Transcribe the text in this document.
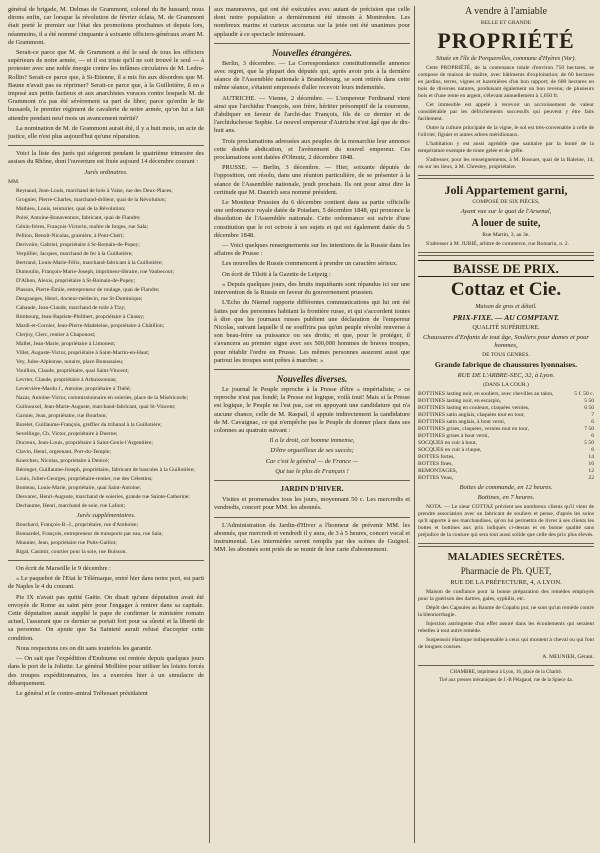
général de brigade, M. Delmas de Grammont, colonel du 8e hussard; nous dirons enfin, car lorsque la révolution de février éclata, M. de Grammont était porté le premier sur l'état des promotions prochaines et depuis lors, néanmoins, il a été nommé cinquante à soixante officiers-généraux avant M. de Grammont.

Serait-ce parce que M. de Grammont a été le seul de tous les officiers supérieurs de notre armée, — et il est triste qu'il ne soit trouvé le seul — à protester avec une noble énergie contre les infâmes circulaires de M. Ledru-Rollin? Serait-ce parce que, à St-Etienne, il a mis fin aux désordres que M. Baune n'avait pas su réprimer? Serait-ce parce que, à la Guillotière, il en a imposé aux petits factieux et aux anarchistes voraces contre lesquels M. de Grammont n'a pas été sévèrement sa part de libre; parce qu'enfin le 8e hussards, le premier régiment de cavalerie de notre armée, qu'on lui a fait attendre pendant neuf mois un avancement mérité?

La nomination de M. de Grammont aurait été, il y a huit mois, un acte de justice, elle n'est plus aujourd'hui qu'une réparation.

Voici la liste des jurés qui siégeront pendant le quatrième trimestre des assises du Rhône, dont l'ouverture est fixée aujourd 14 décembre courant :

Jurés ordinaires.

MM.

Reynaud, Jean-Louis, marchand de bois à Vaise, rue des Deux-Places;

Grognier, Pierre-Charles, marchand-drôleur, quai de la Révolution;

Mathieu, Louis, teinturier, quai de la Révolution;

Poiré, Antoine-Bonaventure, fabricant, quai de Flandre;

Génin-frères, François-Victorin, maître de forges, rue Sala;

Pellion, Benoît-Nicolas, gramière, à Pont-Chéri;

Derivoire, Gabriel, propriétaire à St-Romain-de-Popey;

Verpillier, Jacques, marchand de fer à la Guillotière;

Bertrand, Louis-Marie-Félix, marchand-fabricant à la Guillotière;

Dumoulin, François-Marie-Joseph, imprimeur-libraire, rue Vaubecour;

D'Albon, Alexis, propriétaire à St-Romain-de-Popey;

Plasson, Pierre-Émile, entrepreneur de roulage, quai de Flandre;

Desgranges, Henri, docteur-médecin, rue St-Dominique;

Cabaude, Jean-Claude, marchand de toile à Tizy;

Rimbourg, Jean-Baptiste-Philibert, propriétaire à Chassy;

Mardi-et-Cornier, Jean-Pierre-Madeleine, propriétaire à Châtillon;

Clerjoy, Clerc, rentier à Chaponost;

Mallet, Jean-Marie, propriétaire à Limonest;

Villet, Auguste-Victor, propriétaire à Saint-Martin-en-Haut;

Vey, Jules-Alphonse, notaire, place Bonnassieu;

Vouillon, Claude, propriétaire, quai Saint-Vincent;

Levrier, Claude, propriétaire à Arbuissonnas;

Levervière-Mardu J., Antoine, propriétaire à Thélé;

Nazar, Antoine-Victor, commissionnaire en soieries, place de la Miséricorde;

Guilnouxel, Jean-Marie-Auguste, marchand-fabricant, quai St-Vincent;

Garnier, Jean, propriétaire, rue Bourbon;

Burelet, Guillaume-François, greffier du tribunal à la Guillotière;

Sevellinge, Ch. Victor, propriétaire à Duerne;

Ducreux, Jean-Louis, propriétaire à Saint-Genis-l'Argentière;

Clavin, Henri, orgeenant, Port-du-Temple;

Knerchen, Nicolas, propriétaire à Denicé;

Bérenger, Guillaume-Joseph, propriétaire, fabricant de bascules à la Guillotière;

Louis, Julien-Georges, propriétaire-rentier, rue des Célestins;

Bonteau, Louis-Marie, propriétaire, quai Saint-Antoine;

Desvarec, Henri-Auguste, marchand de soieries, grande rue Sainte-Catherine;

Dechaume, Henri, marchand de soie, rue Lafont;

Jurés supplémentaires.

Bouchard, François-B.-J., propriétaire, rue d'Amboise;

Bonnardel, François, entrepreneur de transports par eau, rue Sala;

Munnier, Jean, propriétaire rue Puits-Gaillot;

Rigal, Casimir, courtier pour la soie, rue Buisson.

On écrit de Marseille le 9 décembre :

« Le paquebot de l'Etat le Télémaque, entré hier dans notre port, est parti de Naples le 4 du courant.

Pie IX n'avait pas quitté Gaëte. On disait qu'une députation avait été envoyée de Rome au saint père pour l'engager à rentrer dans sa capitale. Cette députation aurait supplié le pape de confirmer le ministère romain actuel, l'assurant que ce dernier se portait fort pour sa sûreté et la liberté de sa personne. On ajoute que Sa Sainteté aurait refusé d'accepter cette condition.

Nous respectons ces on dit sans toutefois les garantir.

— On sait que l'expédition d'Endoume est rentrée depuis quelques jours dans le port de la Joliette. Le général Mollière pour utiliser les loisirs forcés des troupes expéditionnaires, les a exercées hier à un simulacre de débarquement.

Le général et le contre-amiral Tréhouart présidaient

aux manœuvres, qui ont été exécutées avec autant de précision que celle dont notre population a dernièrement été témoin à Montredon. Les nombreux marins et curieux accourus sur la jetée ont été unanimes pour applaudir à ce spectacle intéressant.

Nouvelles étrangères.

Berlin, 3 décembre. — La Correspondance constitutionnelle annonce avec regret, que la plupart des députés qui, après avoir pris à la dernière séance de l'Assemblée nationale à Brandebourg, se sont retirés dans cette même séance, s'étaient empressés d'aller recevoir leurs indemnités.

AUTRICHE. — Vienne, 2 décembre. — L'empereur Ferdinand vient ainsi que l'archiduc François, son frère, héritier présomptif de la couronne, d'abdiquer en faveur de l'archi-duc François, fils de ce dernier et de l'archiduchesse Sophie. Le nouvel empereur d'Autriche n'est âgé que de dix-huit ans.

Trois proclamations adressées aux peuples de la monarchie leur annonce cette double abdication, et l'avènement du nouvel empereur. Ces proclamations sont datées d'Olmutz, 2 décembre 1848.

PRUSSE. — Berlin, 3 décembre. — Hier, soixante députés de l'opposition, ont résolu, dans une réunion particulière, de se présenter à la séance de l'Assemblée nationale, jeudi prochain. Ils ont pour ainsi dire la certitude que M. Daurich sera nommé président.

Le Moniteur Prussien du 6 décembre contient dans sa partie officielle une ordonnance royale datée de Potsdam, 5 décembre 1848, qui prononce la dissolution de l'Assemblée nationale. Cette ordonnance est suivie d'une constitution que le roi octroie à ses sujets et qui est également datée du 5 décembre 1848.

— Voici quelques renseignements sur les intentions de la Russie dans les affaires de Prusse :

Les nouvelles de Russie commencent à prendre un caractère sérieux.

On écrit de Tilsitt à la Gazette de Leipzig :

« Depuis quelques jours, des bruits inquiétants sont répandus ici sur une intervention de la Russie en faveur du gouvernement prussien.

L'Echo du Niemel rapporte différentes communications qui lui ont été faites par des personnes habitant la frontière russe, et qui s'accordent toutes à dire que les journaux russes publient une déclaration de l'empereur Nicolas, suivant laquelle il ne souffrira pas qu'un peuple révolté renverse à son beau-frère sa puissance ou ses droits; et que, pour le protéger, il s'avancera au premier signe avec ses 500,000 hommes de braves troupes, pour rétablir l'ordre en Prusse. Les mêmes personnes assurent aussi que partout les troupes sont prêtes à marcher. »

Nouvelles diverses.

Le journal le Peuple reproche à la Presse d'être « impérialiste; » ce reproche n'est pas fondé; la Presse est logique, voilà tout! Mais si la Presse est logique, le Peuple ne l'est pas, car en appuyant une candidature qui n'a aucune chance, celle de M. Raspail, il appuie indirectement la candidature de M. Cavaignac, ce qui n'empêche pas le Peuple de donner place dans ses colonnes au quatrain suivant :

Il a le droit, cet homme immense,

D'être orgueilleux de ses succès;

Car c'est le général — de France —

Qui tue le plus de Français !

JARDIN D'HIVER.

Visites et promenades tous les jours, moyennant 50 c. Les mercredis et vendredis, concert pour MM. les abonnés.

L'Administration du Jardin-d'Hiver a l'honneur de prévenir MM. les abonnés, que mercredi et vendredi il y aura, de 3 à 5 heures, concert vocal et instrumental. Les intermèdes seront remplis par des scènes de Guignol. MM. les abonnés sont priés de se munir de leur carte d'abonnement.

A vendre à l'amiable

BELLE ET GRANDE

PROPRIÉTÉ

Située en l'île de Porquerolles, commune d'Hyères (Var).

Cette PROPRIÉTÉ, de la contenance totale d'environ 750 hectares, se compose de maison de maître, avec bâtiments d'exploitation; de 60 hectares en jardins, terres, vignes et luzernières d'un bon rapport; de 600 hectares en bois de diverses natures, produisant également un bon revenu; de plusieurs bois et d'une rente en argent, s'élevant annuellement à 1,050 fr.

Cet immeuble est appelé à recevoir un accroissement de valeur considérable par les défrichements successifs qui peuvent y être faits facilement.

Outre la culture principale de la vigne, le sol est très-convenable à celle de l'olivier, figuier et autres arbres méridionaux.

L'habitation y est aussi agréable que sanitaire par la bonté de la température exempte de toute gelée et de grêle.

S'adresser, pour les renseignements, à M. Bossuet, quai de la Baleine, 14; ou sur les lieux, à M. Chrestey, propriétaire.

Joli Appartement garni,

COMPOSÉ DE SIX PIÈCES,

Ayant vue sur le quai de l'Arsenal,

A louer de suite,

Rue Martin, 3, au 3e.

S'adresser à M. JUBIÉ, arbitre de commerce, rue Romarin, n. 2.

BAISSE DE PRIX.

Cottaz et Cie.

Maison de gros et détail.

PRIX-FIXE. — AU COMPTANT.

QUALITÉ SUPÉRIEURE.

Chaussures d'Enfants de tout âge, Souliers pour dames et pour hommes,

DE TOUS GENRES.

Grande fabrique de chaussures lyonnaises.

RUE DE L'ARBRE-SEC, 32, à Lyon.

(DANS LA COUR.)

BOTTINES lasting noir, en souliers, avec chevilles au talon,	5 f. 50 c.
BOTTINES lasting noir, en escarpin,	5 50
BOTTINES lasting en couleurs, claquées vernies,	6 50
BOTTINES satin anglais, claquées tout en tour,	7
BOTTINES satin anglais, à bout verni,	6
BOTTINES grises, claquées, vernies tout en tour,	7 50
BOTTINES grises à bout verni,	6
SOCQUES en cuir à bout,	5 50
SOCQUES en cuir à claque,	6
BOTTES fortes,	14
BOTTES fines,	16
REMONTAGES,	12
BOTTES Veau,	22

Bottes de commande, en 12 heures.

Bottines, en 7 heures.

NOTA. — Le sieur COTTAZ prévient ses nombreux clients qu'il vient de prendre association avec un fabricant de souliers et pense, d'après les soins qu'il apporte à ses marchandises, qu'on lui permettra de livrer à ses clients les bottes et bottines aux prix indiqués ci-dessus et en bonne qualité sans préjudice de la couture qui sera tout aussi solide que celle des prix plus élevés.

MALADIES SECRÈTES.

Pharmacie de Ph. QUET,

RUE DE LA PRÉFECTURE, 4, A LYON.

Maison de confiance pour la bonne préparation des remèdes employés pour la guérison des dartres, gales, syphilis, etc.

Dépôt des Capsules au Baume de Copahu pur, ne sont qu'un remède contre la blennorrhagie.

Injection astringente d'un effet assuré dans les écoulements qui seraient rebelles à tout autre remède.

Suspensoir élastique indispensable à ceux qui montent à cheval ou qui font de longues courses.

A. MEUNIER, Gérant.

CHAMBRE, imprimeur à Lyon, 16, place de la Charité.

Tiré aux presses mécaniques de J.-B Pélagaud, rue de la Spiece 4a.
